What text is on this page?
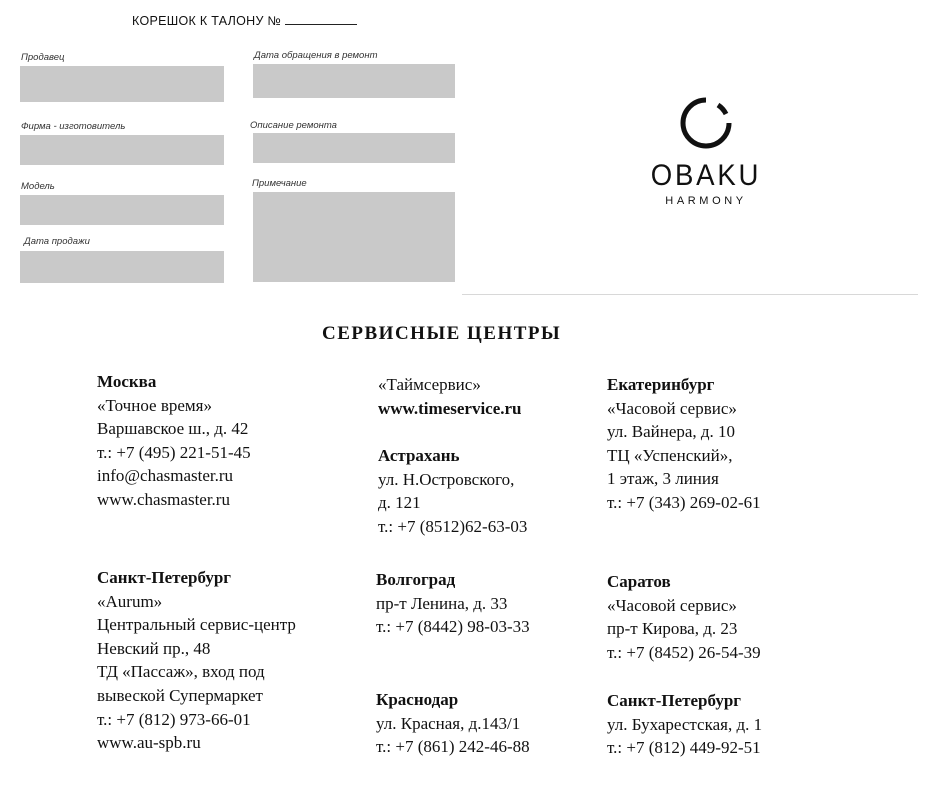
КОРЕШОК К ТАЛОНУ №
Продавец
Фирма - изготовитель
Модель
Дата продажи
Дата обращения в ремонт
Описание ремонта
Примечание	OBAKU
HARMONY
СЕРВИСНЫЕ ЦЕНТРЫ
Москва
«Точное время»
Варшавское ш., д. 42
т.: +7 (495) 221-51-45
info@chasmaster.ru
www.chasmaster.ru
Санкт-Петербург
«Aurum»
Центральный сервис-центр
Невский пр., 48
ТД «Пассаж», вход под
вывеской Супермаркет
т.: +7 (812) 973-66-01
www.au-spb.ru
«Таймсервис»
www.timeservice.ru
Астрахань
ул. Н.Островского,
д. 121
т.: +7 (8512)62-63-03
Волгоград
пр-т Ленина, д. 33
т.: +7 (8442) 98-03-33
Краснодар
ул. Красная, д.143/1
т.: +7 (861) 242-46-88
Екатеринбург
«Часовой сервис»
ул. Вайнера, д. 10
ТЦ «Успенский»,
1 этаж, 3 линия
т.: +7 (343) 269-02-61
Саратов
«Часовой сервис»
пр-т Кирова, д. 23
т.: +7 (8452) 26-54-39
Санкт-Петербург
ул. Бухарестская, д. 1
т.: +7 (812) 449-92-51
